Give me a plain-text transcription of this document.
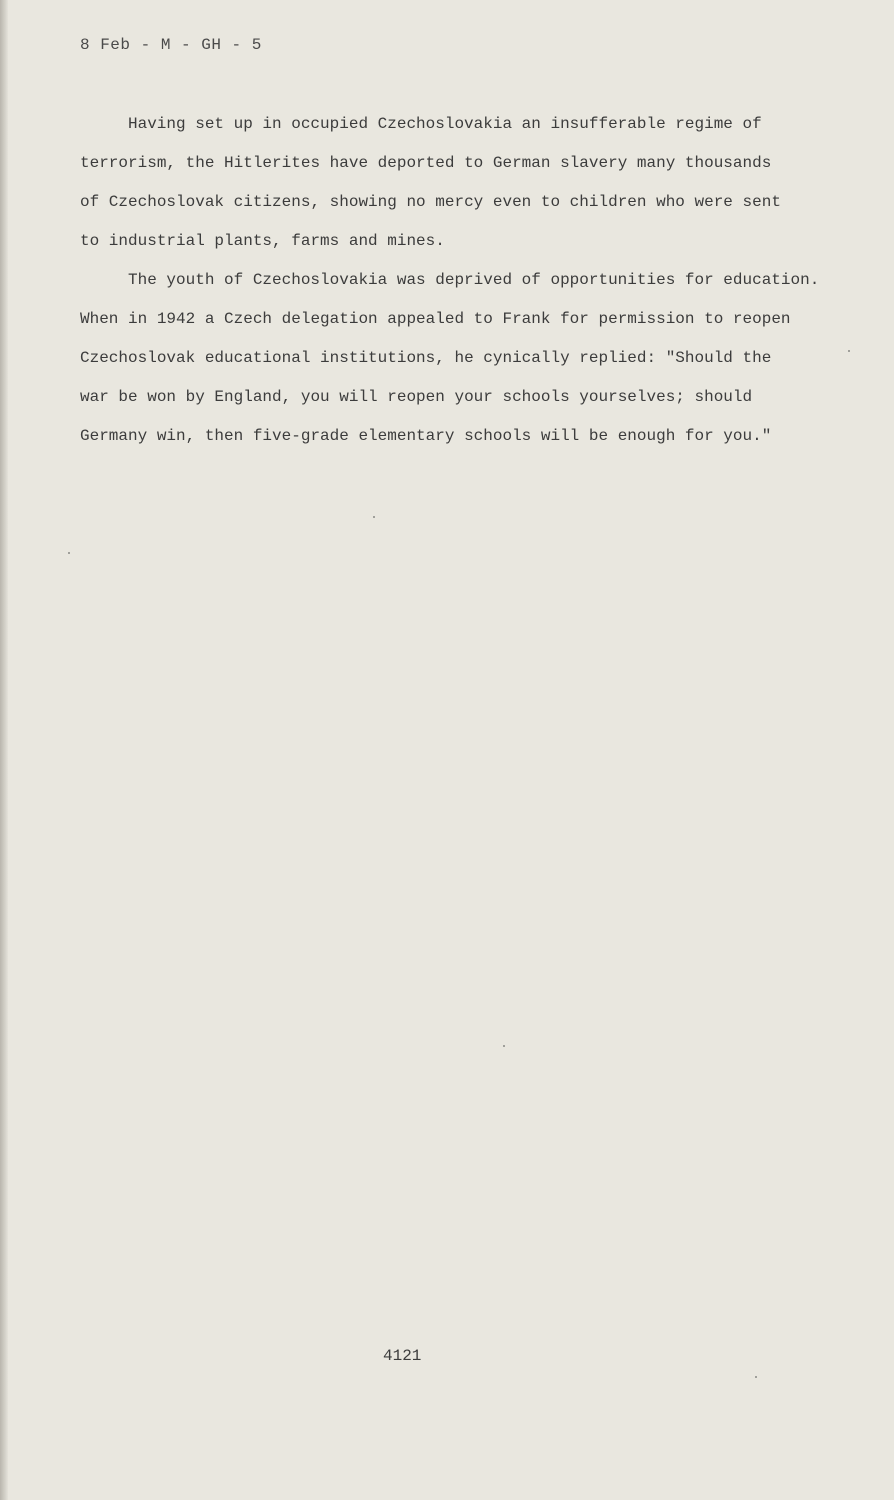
8 Feb - M - GH - 5
Having set up in occupied Czechoslovakia an insufferable regime of
terrorism, the Hitlerites have deported to German slavery many thousands
of Czechoslovak citizens, showing no mercy even to children who were sent
to industrial plants, farms and mines.
The youth of Czechoslovakia was deprived of opportunities for education.
When in 1942 a Czech delegation appealed to Frank for permission to reopen
Czechoslovak educational institutions, he cynically replied: "Should the
war be won by England, you will reopen your schools yourselves; should
Germany win, then five-grade elementary schools will be enough for you."
4121
